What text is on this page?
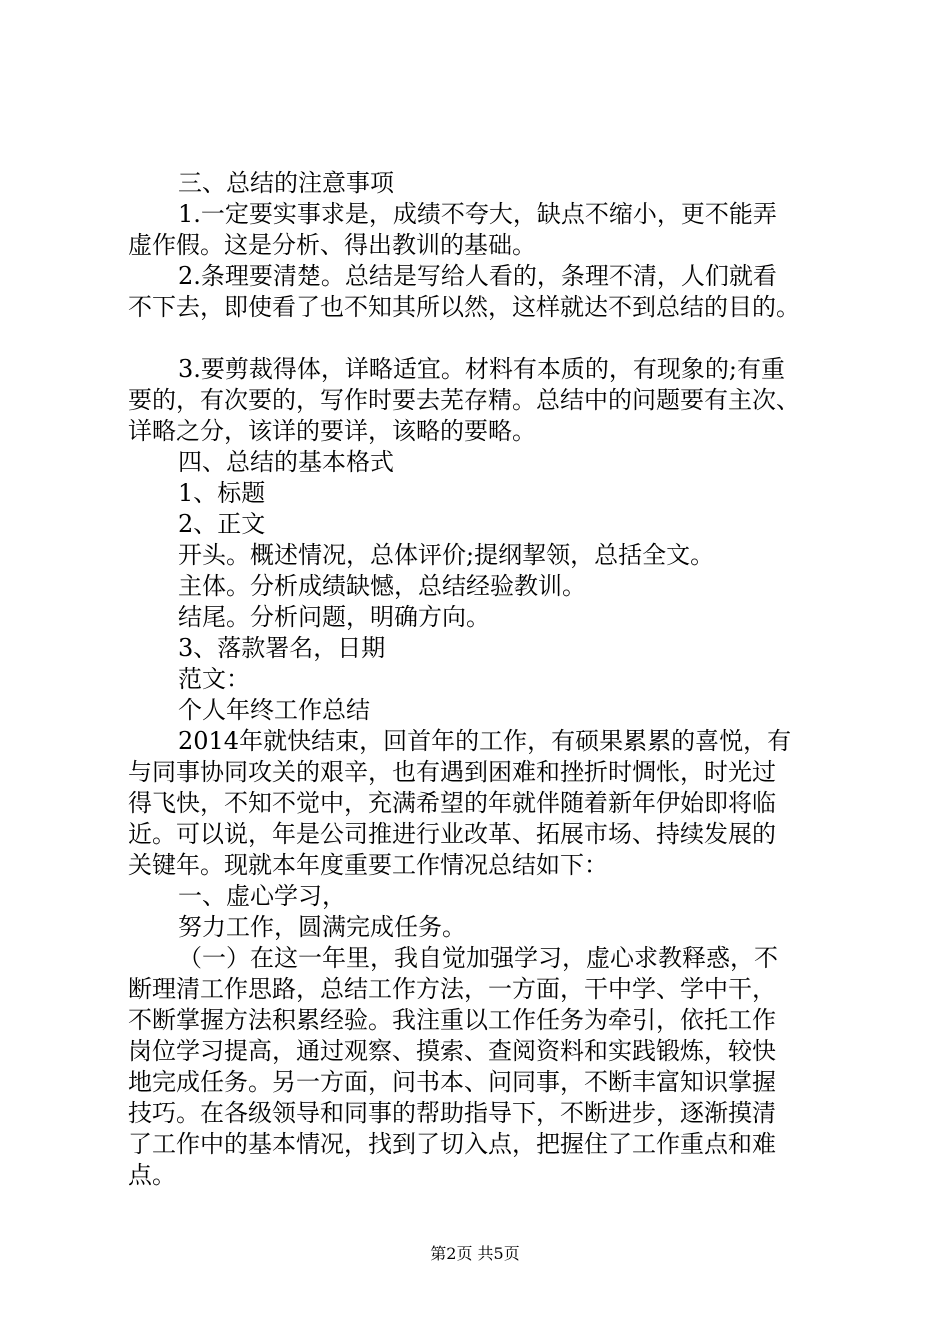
三、总结的注意事项

1.一定要实事求是，成绩不夸大，缺点不缩小，更不能弄

虚作假。这是分析、得出教训的基础。

2.条理要清楚。总结是写给人看的，条理不清，人们就看

不下去，即使看了也不知其所以然，这样就达不到总结的目的。

3.要剪裁得体，详略适宜。材料有本质的，有现象的;有重

要的，有次要的，写作时要去芜存精。总结中的问题要有主次、

详略之分，该详的要详，该略的要略。

四、总结的基本格式

1、标题

2、正文

开头。概述情况，总体评价;提纲挈领，总括全文。

主体。分析成绩缺憾，总结经验教训。

结尾。分析问题，明确方向。

3、落款署名，日期

范文：

个人年终工作总结

2014年就快结束，回首年的工作，有硕果累累的喜悦，有

与同事协同攻关的艰辛，也有遇到困难和挫折时惆怅，时光过

得飞快，不知不觉中，充满希望的年就伴随着新年伊始即将临

近。可以说，年是公司推进行业改革、拓展市场、持续发展的

关键年。现就本年度重要工作情况总结如下：

一、虚心学习，

努力工作，圆满完成任务。

（一）在这一年里，我自觉加强学习，虚心求教释惑，不

断理清工作思路，总结工作方法，一方面，干中学、学中干，

不断掌握方法积累经验。我注重以工作任务为牵引，依托工作

岗位学习提高，通过观察、摸索、查阅资料和实践锻炼，较快

地完成任务。另一方面，问书本、问同事，不断丰富知识掌握

技巧。在各级领导和同事的帮助指导下，不断进步，逐渐摸清

了工作中的基本情况，找到了切入点，把握住了工作重点和难

点。

第2页 共5页
